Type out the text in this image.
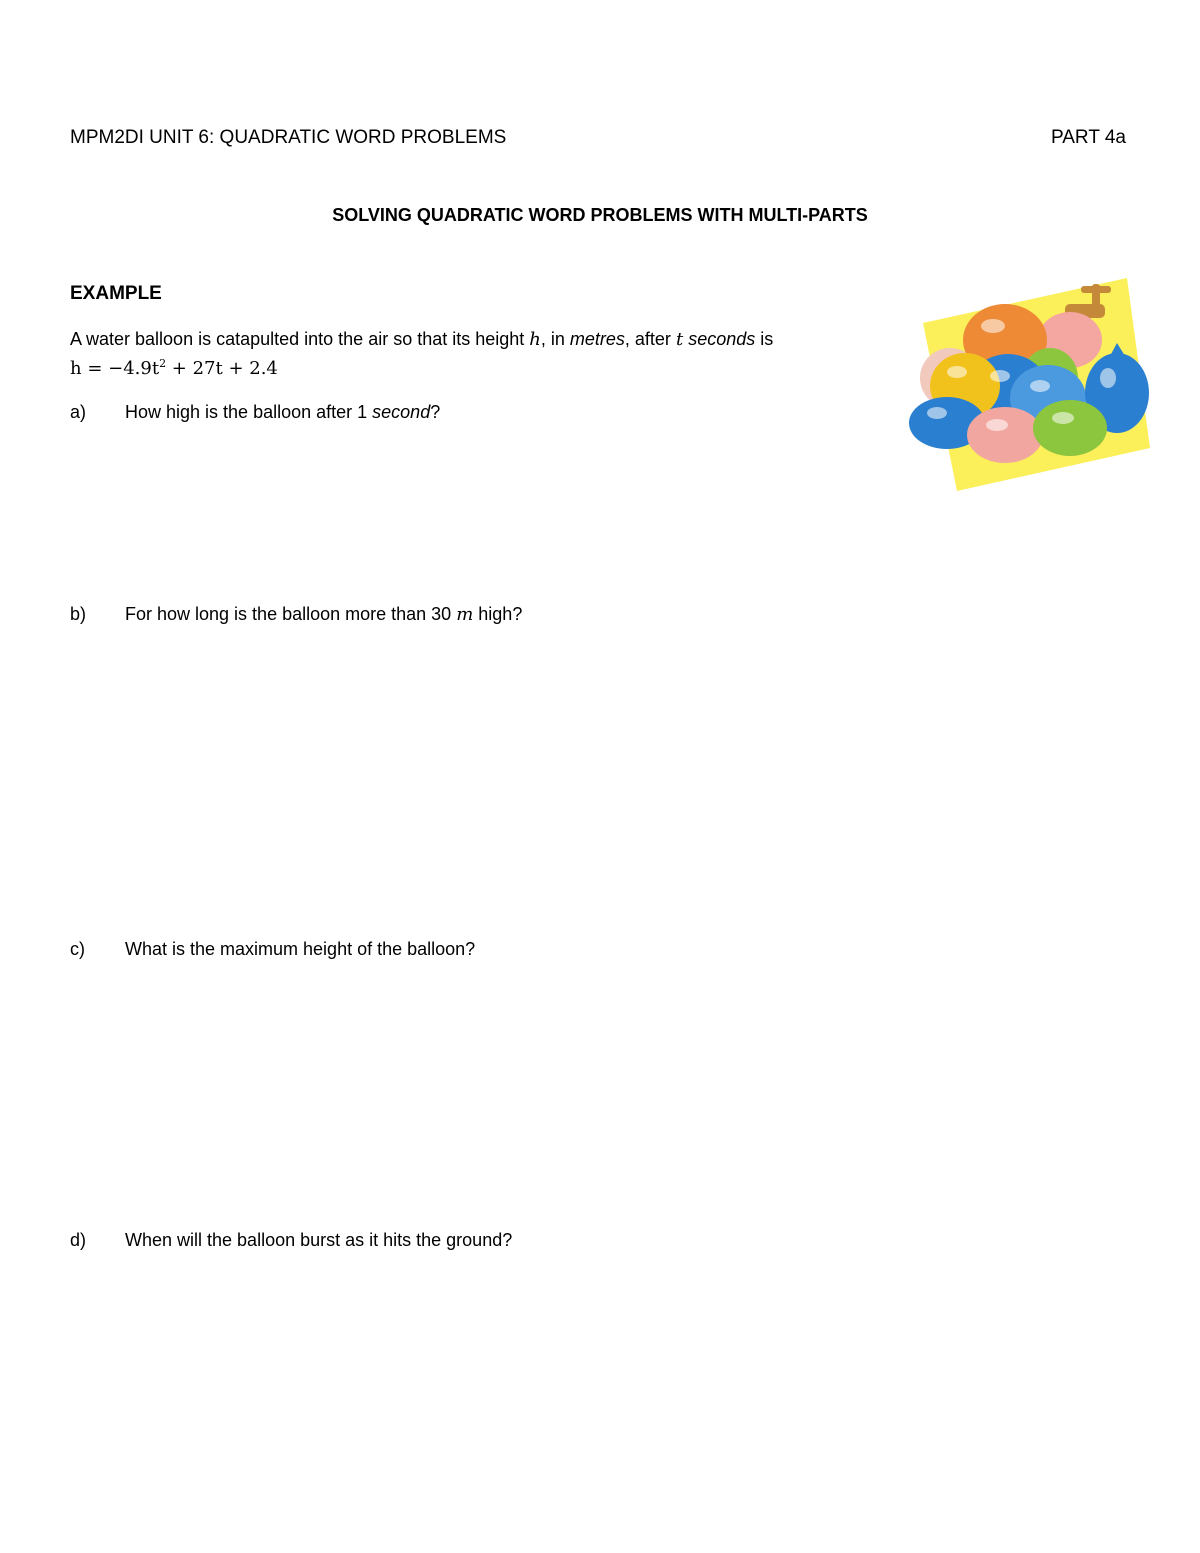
MPM2DI UNIT 6: QUADRATIC WORD PROBLEMS	PART 4a
SOLVING QUADRATIC WORD PROBLEMS WITH MULTI-PARTS
EXAMPLE
A water balloon is catapulted into the air so that its height h, in metres, after t seconds is
$h = -4.9t^2 + 27t + 2.4$
a) How high is the balloon after 1 second?
b) For how long is the balloon more than 30 m high?
c) What is the maximum height of the balloon?
d) When will the balloon burst as it hits the ground?
